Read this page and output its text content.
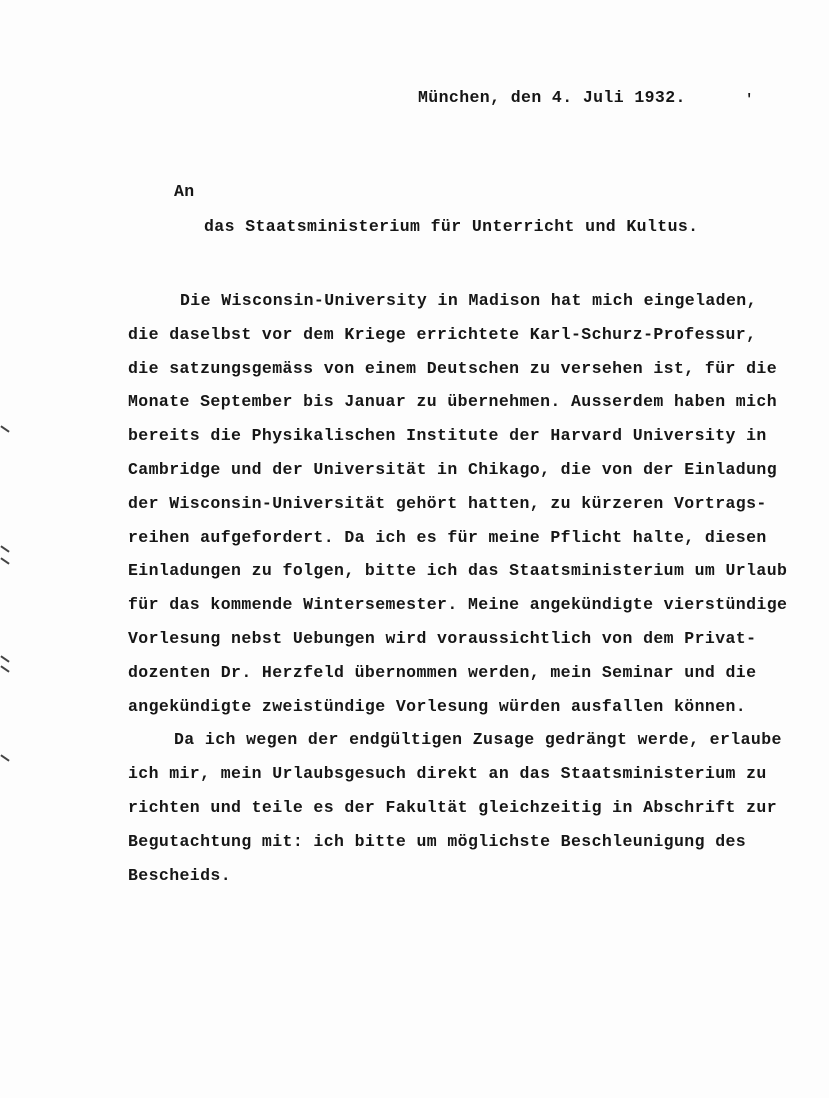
München, den 4. Juli 1932.	'
An
das Staatsministerium für Unterricht und Kultus.
Die Wisconsin-University in Madison hat mich eingeladen,
die daselbst vor dem Kriege errichtete Karl-Schurz-Professur,
die satzungsgemäss von einem Deutschen zu versehen ist, für die
Monate September bis Januar zu übernehmen. Ausserdem haben mich
bereits die Physikalischen Institute der Harvard University in
Cambridge und der Universität in Chikago, die von der Einladung
der Wisconsin-Universität gehört hatten, zu kürzeren Vortrags-
reihen aufgefordert. Da ich es für meine Pflicht halte, diesen
Einladungen zu folgen, bitte ich das Staatsministerium um Urlaub
für das kommende Wintersemester. Meine angekündigte vierstündige
Vorlesung nebst Uebungen wird voraussichtlich von dem Privat-
dozenten Dr. Herzfeld übernommen werden, mein Seminar und die
angekündigte zweistündige Vorlesung würden ausfallen können.
Da ich wegen der endgültigen Zusage gedrängt werde, erlaube
ich mir, mein Urlaubsgesuch direkt an das Staatsministerium zu
richten und teile es der Fakultät gleichzeitig in Abschrift zur
Begutachtung mit: ich bitte um möglichste Beschleunigung des
Bescheids.
